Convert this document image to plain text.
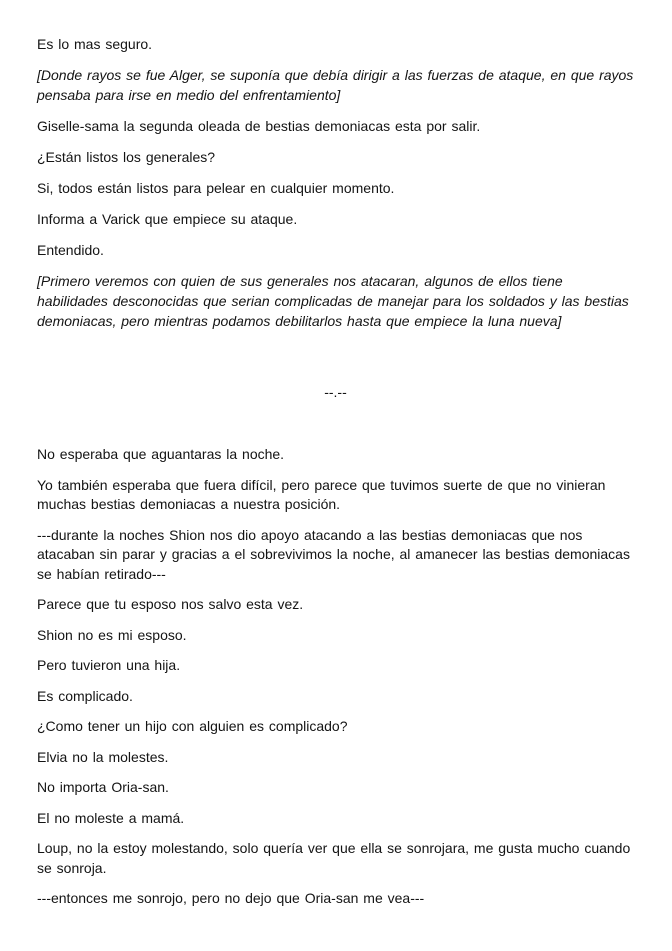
Es lo mas seguro.

[Donde rayos se fue Alger, se suponía que debía dirigir a las fuerzas de ataque, en que rayos pensaba para irse en medio del enfrentamiento]

Giselle-sama la segunda oleada de bestias demoniacas esta por salir.

¿Están listos los generales?

Si, todos están listos para pelear en cualquier momento.

Informa a Varick que empiece su ataque.

Entendido.

[Primero veremos con quien de sus generales nos atacaran, algunos de ellos tiene habilidades desconocidas que serian complicadas de manejar para los soldados y las bestias demoniacas, pero mientras podamos debilitarlos hasta que empiece la luna nueva]

--.--

No esperaba que aguantaras la noche.

Yo también esperaba que fuera difícil, pero parece que tuvimos suerte de que no vinieran muchas bestias demoniacas a nuestra posición.

---durante la noches Shion nos dio apoyo atacando a las bestias demoniacas que nos atacaban sin parar y gracias a el sobrevivimos la noche, al amanecer las bestias demoniacas se habían retirado---

Parece que tu esposo nos salvo esta vez.

Shion no es mi esposo.

Pero tuvieron una hija.

Es complicado.

¿Como tener un hijo con alguien es complicado?

Elvia no la molestes.

No importa Oria-san.

El no moleste a mamá.

Loup, no la estoy molestando, solo quería ver que ella se sonrojara, me gusta mucho cuando se sonroja.

---entonces me sonrojo, pero no dejo que Oria-san me vea---
